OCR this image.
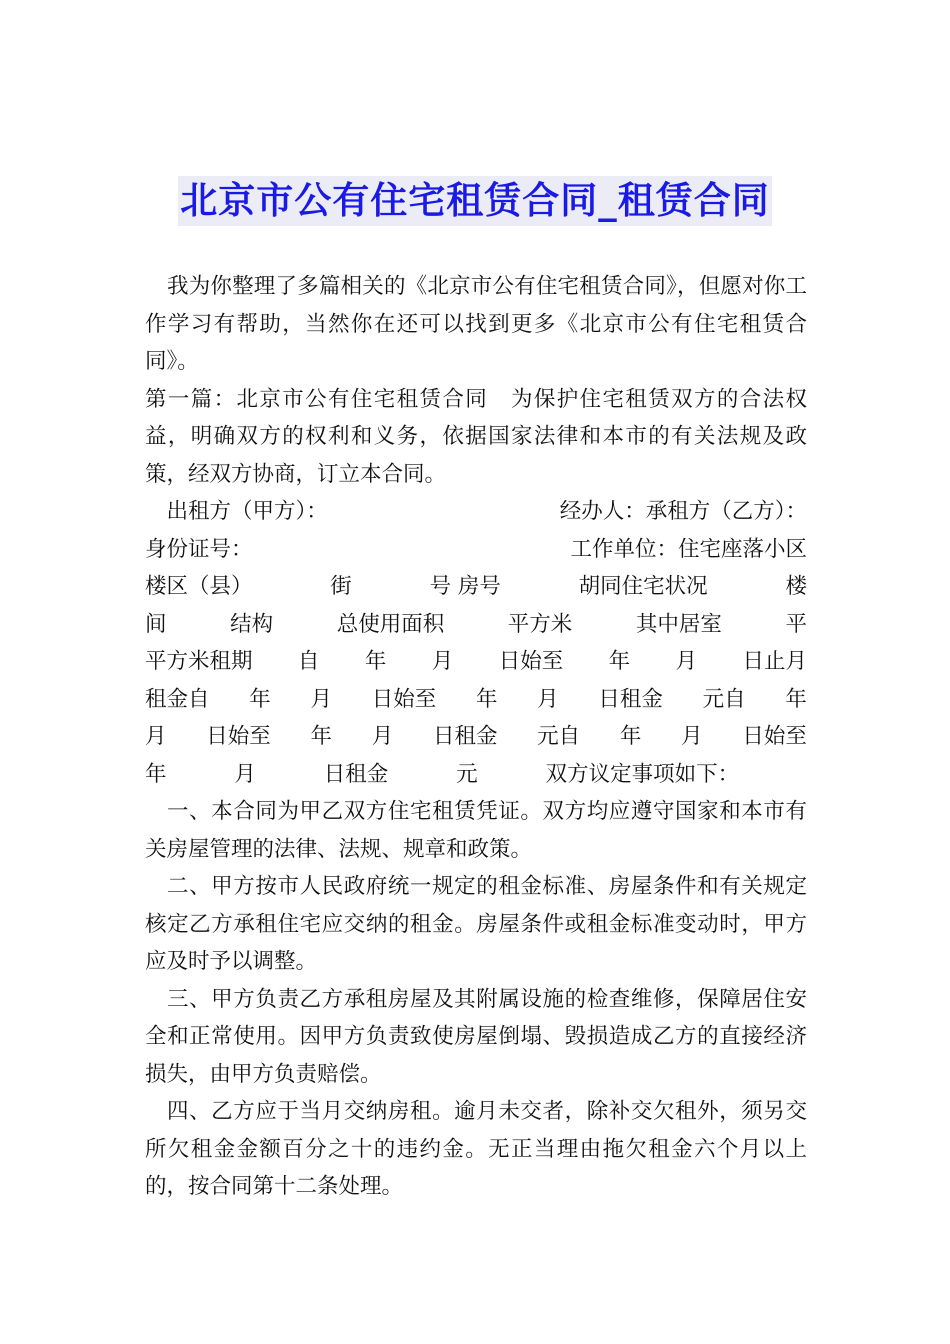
北京市公有住宅租赁合同_租赁合同

我为你整理了多篇相关的《北京市公有住宅租赁合同》，但愿对你工作学习有帮助，当然你在还可以找到更多《北京市公有住宅租赁合同》。

第一篇：北京市公有住宅租赁合同　为保护住宅租赁双方的合法权益，明确双方的权利和义务，依据国家法律和本市的有关法规及政策，经双方协商，订立本合同。

　出租方（甲方）：	经办人：承租方（乙方）：
身份证号：	工作单位：住宅座落小区
楼区（县）	街	号 房号	胡同住宅状况	楼
间	结构	总使用面积	平方米	其中居室	平
平方米租期 自 年 月 日始至 年 月 日止月
租金自 年 月 日始至 年 月 日租金 元自 年
月 日始至 年 月 日租金 元自 年 月 日始至
年	月	日租金	元	双方议定事项如下：

一、本合同为甲乙双方住宅租赁凭证。双方均应遵守国家和本市有关房屋管理的法律、法规、规章和政策。

二、甲方按市人民政府统一规定的租金标准、房屋条件和有关规定核定乙方承租住宅应交纳的租金。房屋条件或租金标准变动时，甲方应及时予以调整。

三、甲方负责乙方承租房屋及其附属设施的检查维修，保障居住安全和正常使用。因甲方负责致使房屋倒塌、毁损造成乙方的直接经济损失，由甲方负责赔偿。

四、乙方应于当月交纳房租。逾月未交者，除补交欠租外，须另交所欠租金金额百分之十的违约金。无正当理由拖欠租金六个月以上的，按合同第十二条处理。
